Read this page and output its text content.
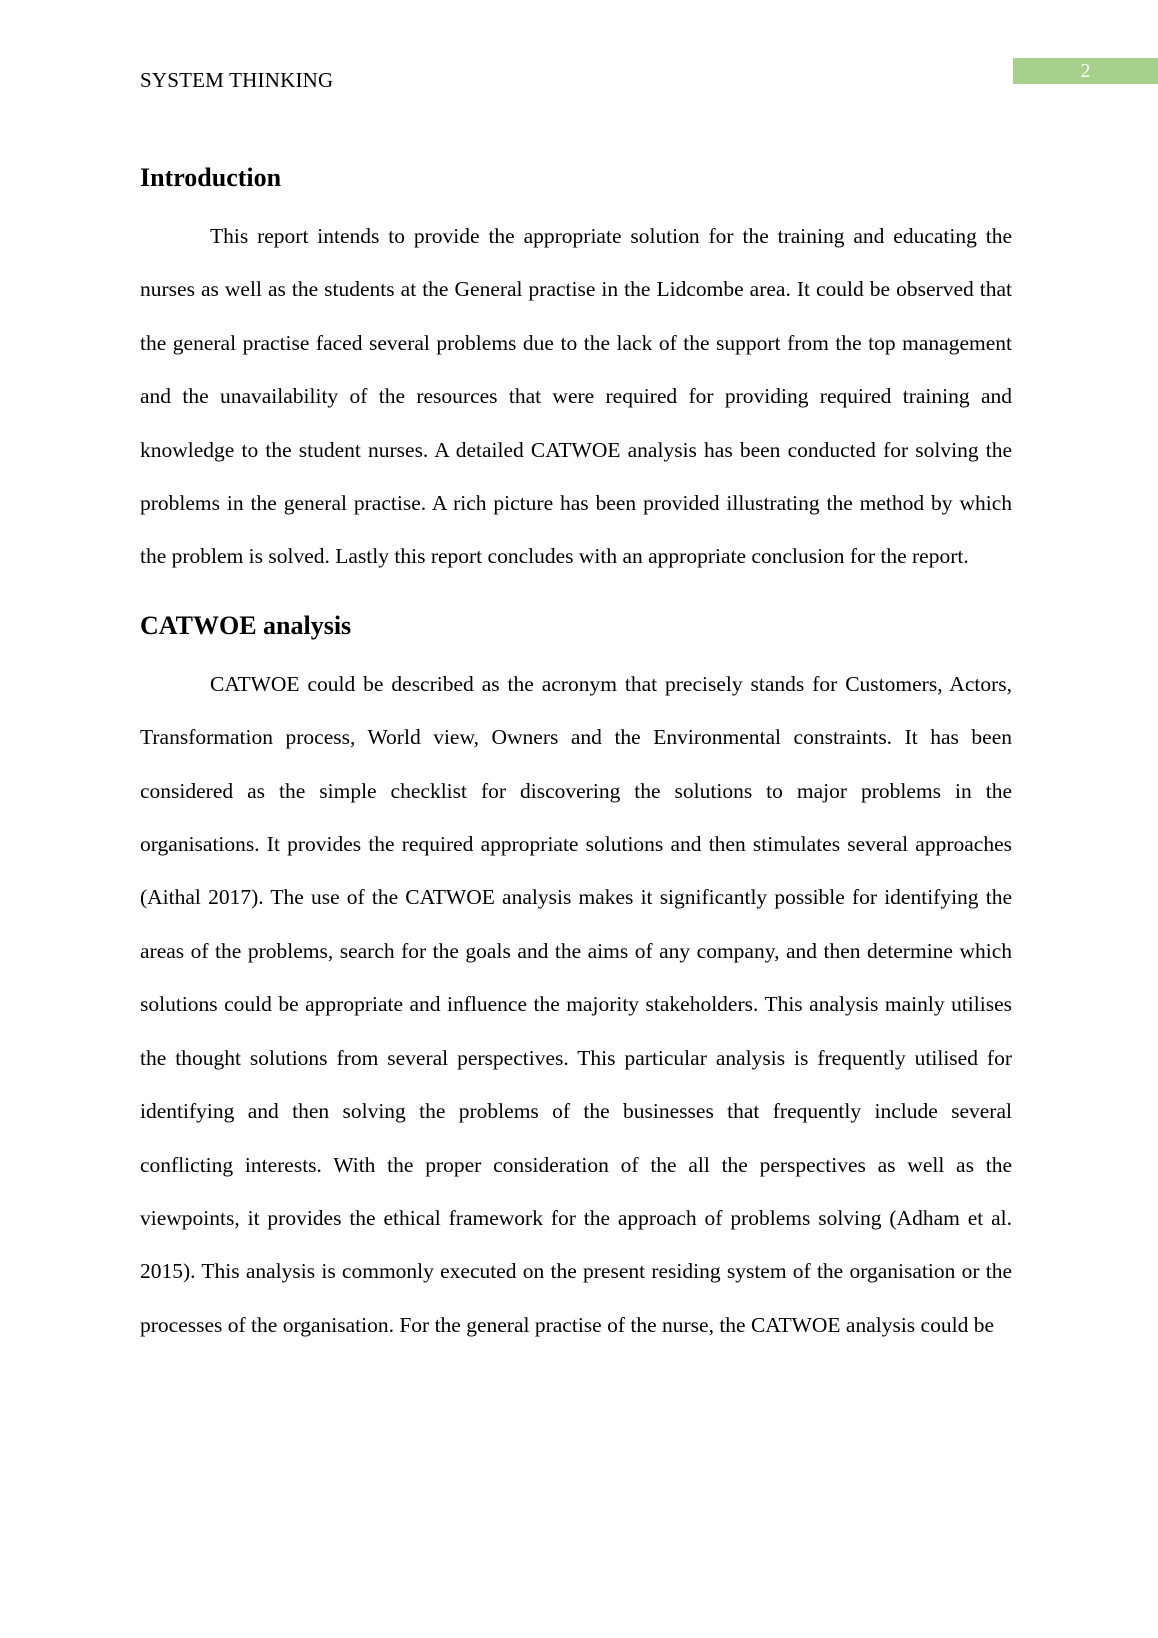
SYSTEM THINKING	2
Introduction

This report intends to provide the appropriate solution for the training and educating the nurses as well as the students at the General practise in the Lidcombe area. It could be observed that the general practise faced several problems due to the lack of the support from the top management and the unavailability of the resources that were required for providing required training and knowledge to the student nurses. A detailed CATWOE analysis has been conducted for solving the problems in the general practise. A rich picture has been provided illustrating the method by which the problem is solved. Lastly this report concludes with an appropriate conclusion for the report.

CATWOE analysis

CATWOE could be described as the acronym that precisely stands for Customers, Actors, Transformation process, World view, Owners and the Environmental constraints. It has been considered as the simple checklist for discovering the solutions to major problems in the organisations. It provides the required appropriate solutions and then stimulates several approaches (Aithal 2017). The use of the CATWOE analysis makes it significantly possible for identifying the areas of the problems, search for the goals and the aims of any company, and then determine which solutions could be appropriate and influence the majority stakeholders. This analysis mainly utilises the thought solutions from several perspectives. This particular analysis is frequently utilised for identifying and then solving the problems of the businesses that frequently include several conflicting interests. With the proper consideration of the all the perspectives as well as the viewpoints, it provides the ethical framework for the approach of problems solving (Adham et al. 2015). This analysis is commonly executed on the present residing system of the organisation or the processes of the organisation. For the general practise of the nurse, the CATWOE analysis could be
